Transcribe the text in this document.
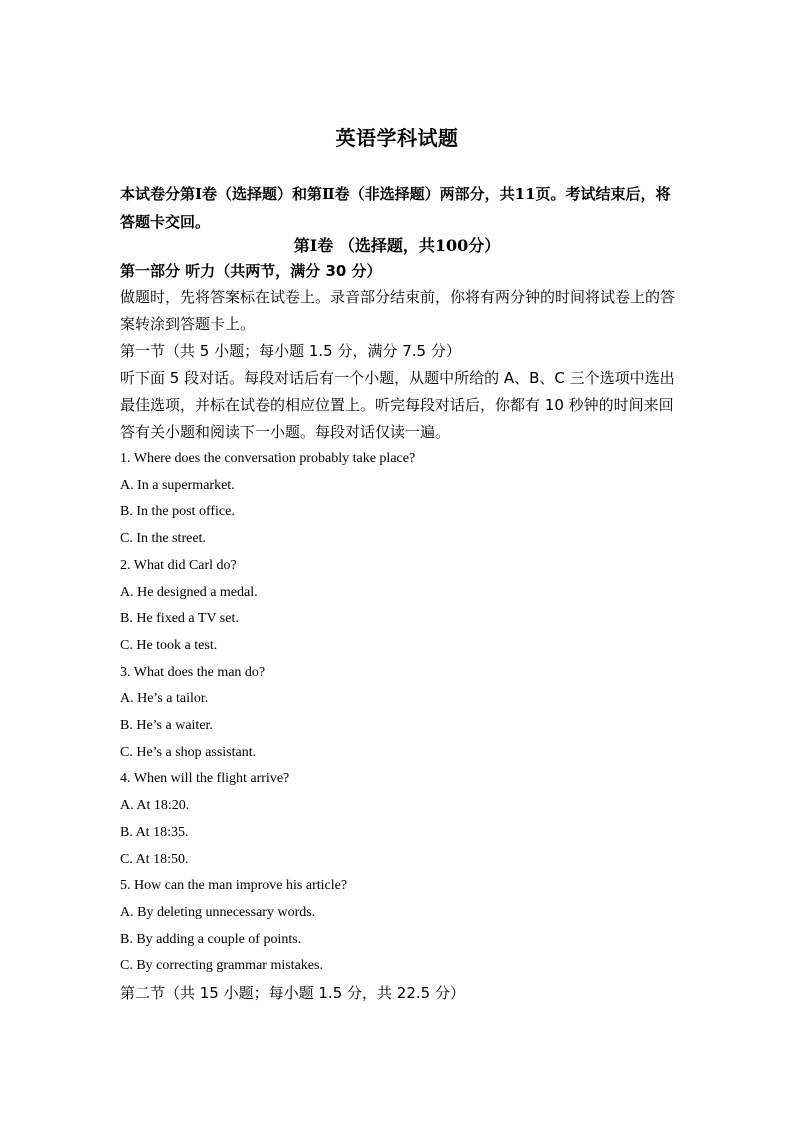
英语学科试题
本试卷分第Ⅰ卷（选择题）和第Ⅱ卷（非选择题）两部分，共11页。考试结束后，将答题卡交回。
第Ⅰ卷 （选择题，共100分）

第一部分 听力（共两节，满分 30 分）

做题时，先将答案标在试卷上。录音部分结束前，你将有两分钟的时间将试卷上的答案转涂到答题卡上。

第一节（共 5 小题；每小题 1.5 分，满分 7.5 分）

听下面 5 段对话。每段对话后有一个小题，从题中所给的 A、B、C 三个选项中选出最佳选项，并标在试卷的相应位置上。听完每段对话后，你都有 10 秒钟的时间来回答有关小题和阅读下一小题。每段对话仅读一遍。

1. Where does the conversation probably take place?

A. In a supermarket.

B. In the post office.

C. In the street.

2. What did Carl do?

A. He designed a medal.

B. He fixed a TV set.

C. He took a test.

3. What does the man do?

A. He’s a tailor.

B. He’s a waiter.

C. He’s a shop assistant.

4. When will the flight arrive?

A. At 18:20.

B. At 18:35.

C. At 18:50.

5. How can the man improve his article?

A. By deleting unnecessary words.

B. By adding a couple of points.

C. By correcting grammar mistakes.

第二节（共 15 小题；每小题 1.5 分，共 22.5 分）
